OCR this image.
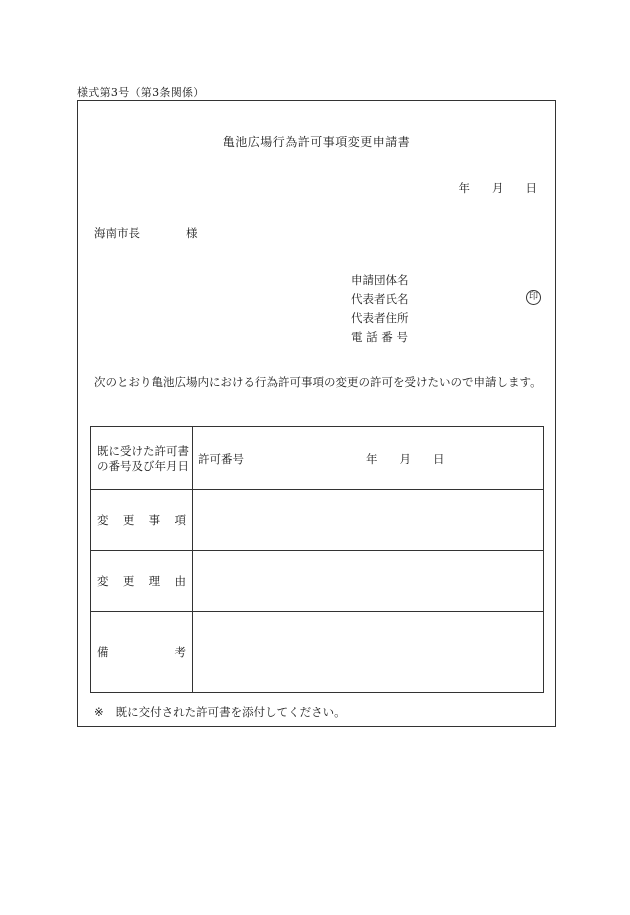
様式第3号（第3条関係）
亀池広場行為許可事項変更申請書
年 月 日
海南市長	様
申請団体名
代表者氏名
代表者住所
電 話 番 号
印
次のとおり亀池広場内における行為許可事項の変更の許可を受けたいので申請します。
既に受けた許可書の番号及び年月日	許可番号 年 月 日

変 更 事 項	

変 更 理 由	

備 考	

※ 既に交付された許可書を添付してください。
